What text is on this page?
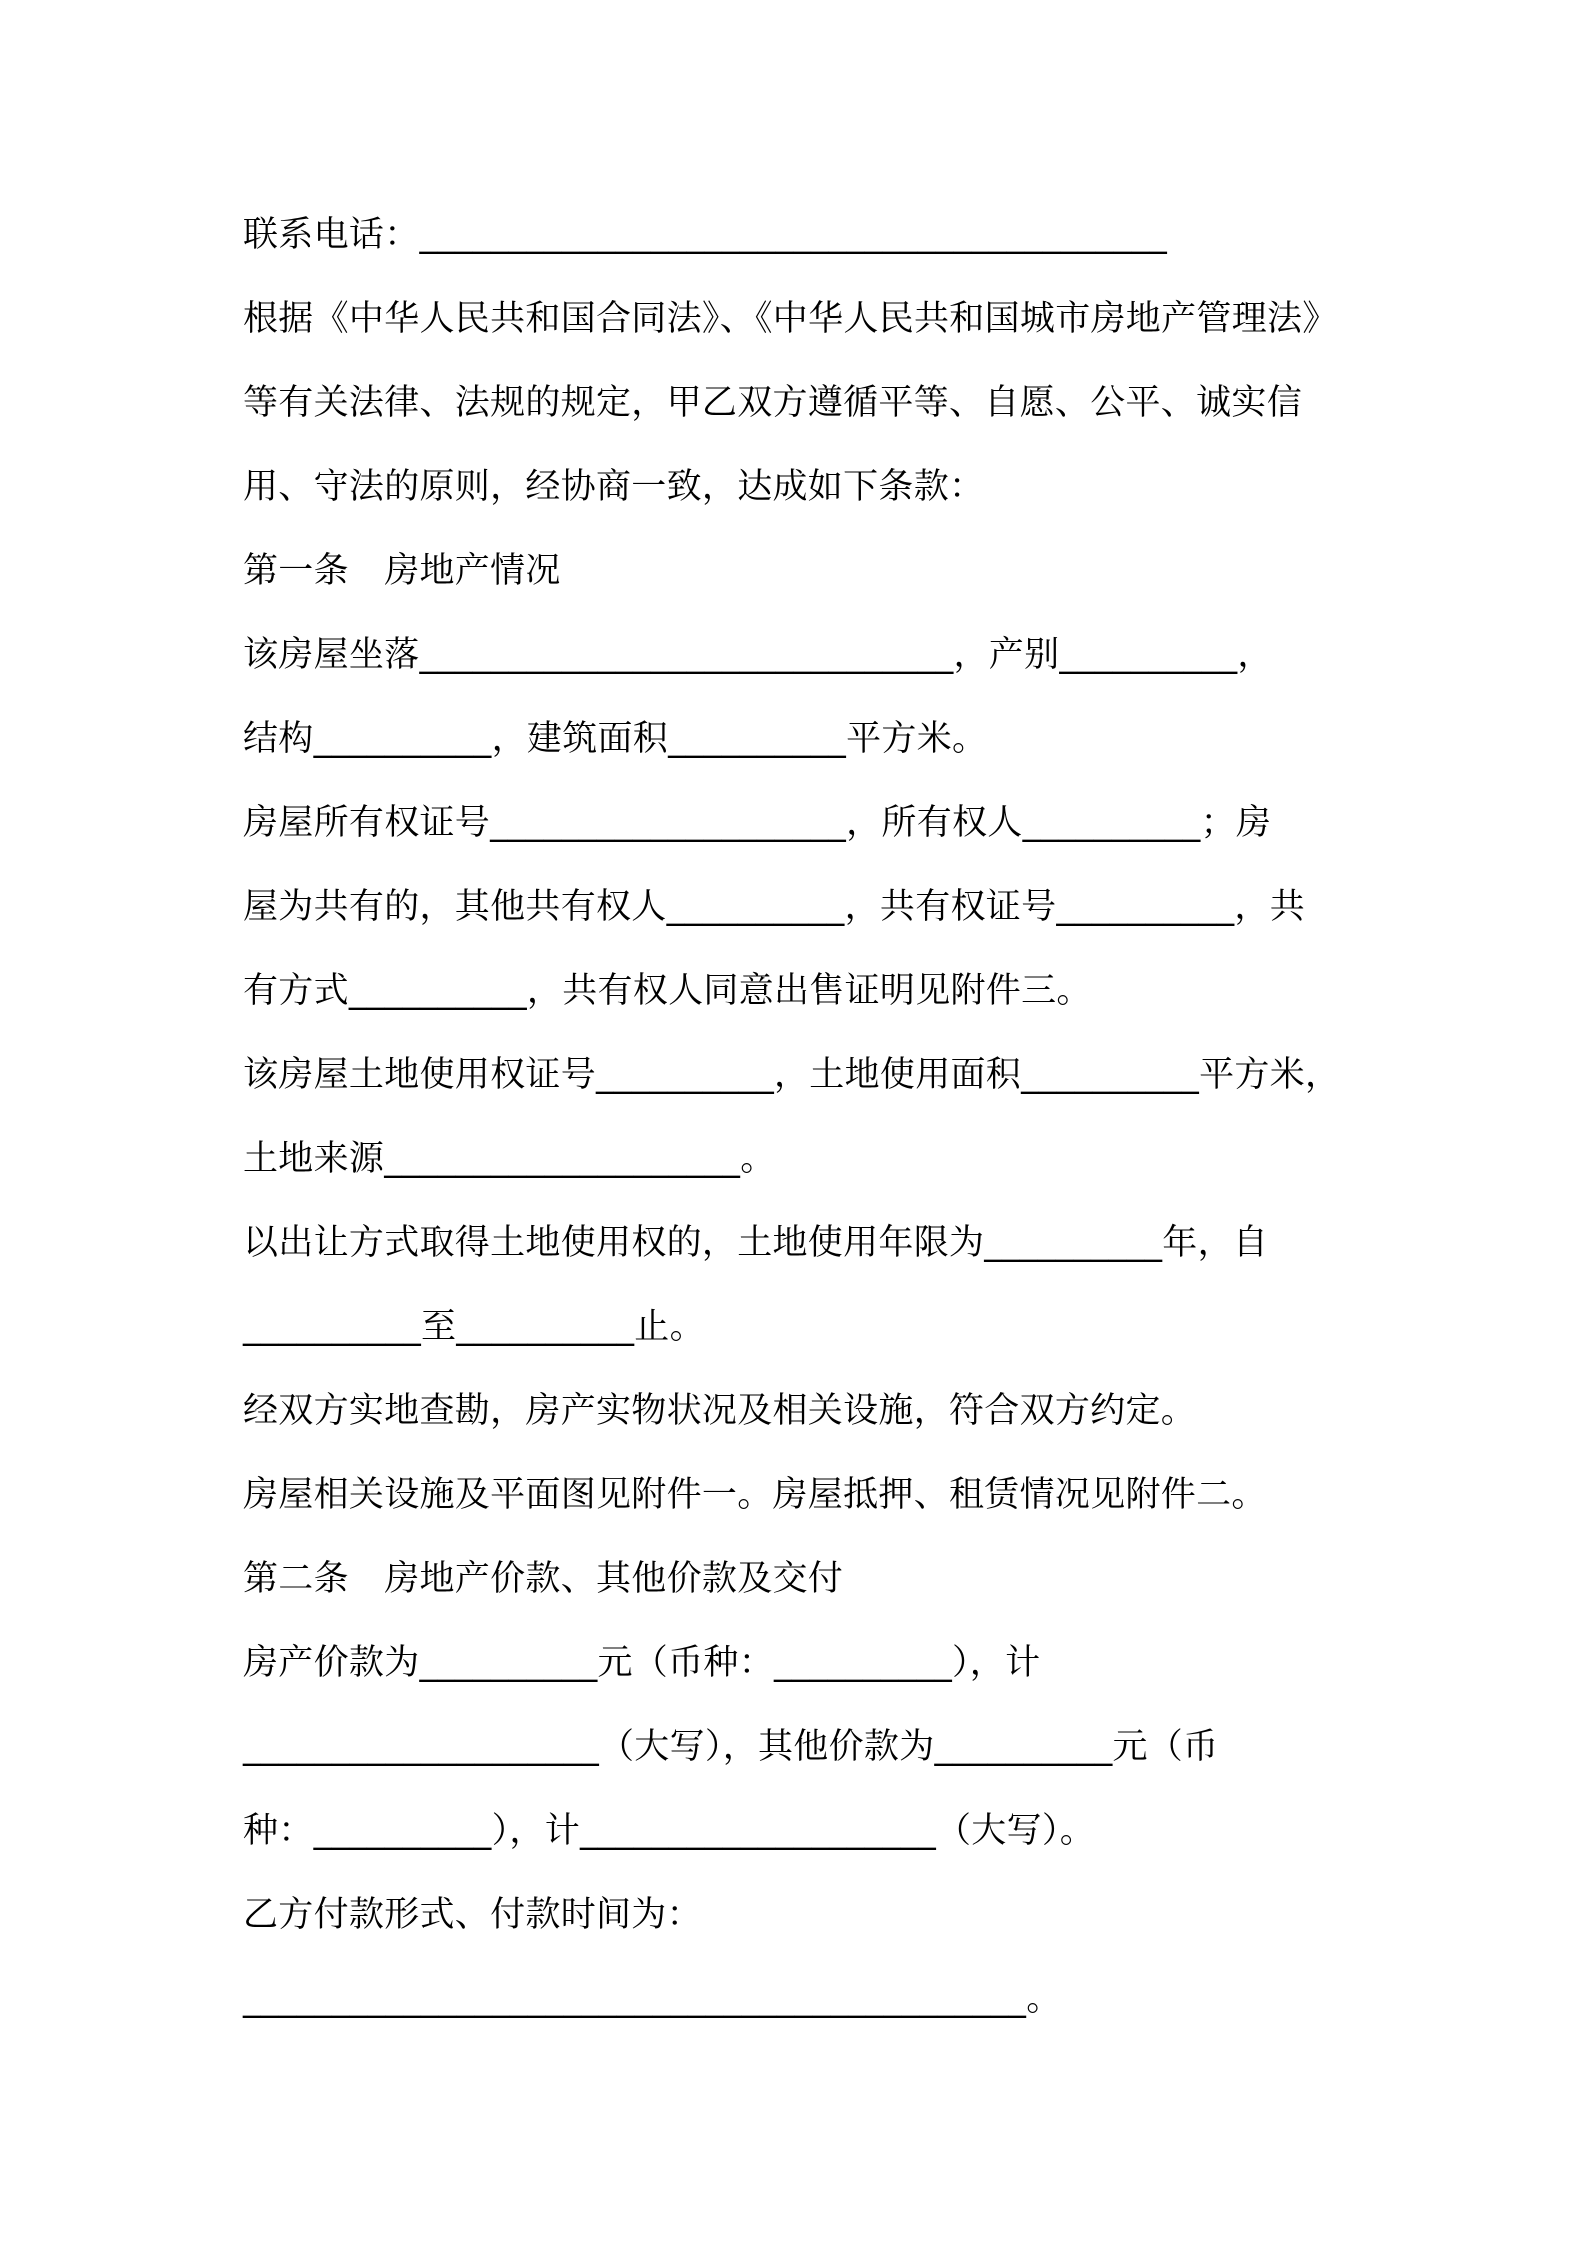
联系电话：__________________________________________
根据《中华人民共和国合同法》、《中华人民共和国城市房地产管理法》
等有关法律、法规的规定，甲乙双方遵循平等、自愿、公平、诚实信
用、守法的原则，经协商一致，达成如下条款：
第一条　房地产情况
该房屋坐落______________________________，产别__________，
结构__________，建筑面积__________平方米。
房屋所有权证号____________________，所有权人__________；房
屋为共有的，其他共有权人__________，共有权证号__________，共
有方式__________，共有权人同意出售证明见附件三。
该房屋土地使用权证号__________，土地使用面积__________平方米，
土地来源____________________。
以出让方式取得土地使用权的，土地使用年限为__________年，自
__________至__________止。
经双方实地查勘，房产实物状况及相关设施，符合双方约定。
房屋相关设施及平面图见附件一。房屋抵押、租赁情况见附件二。
第二条　房地产价款、其他价款及交付
房产价款为__________元（币种：__________），计
____________________（大写），其他价款为__________元（币
种：__________），计____________________（大写）。
乙方付款形式、付款时间为：
____________________________________________。
